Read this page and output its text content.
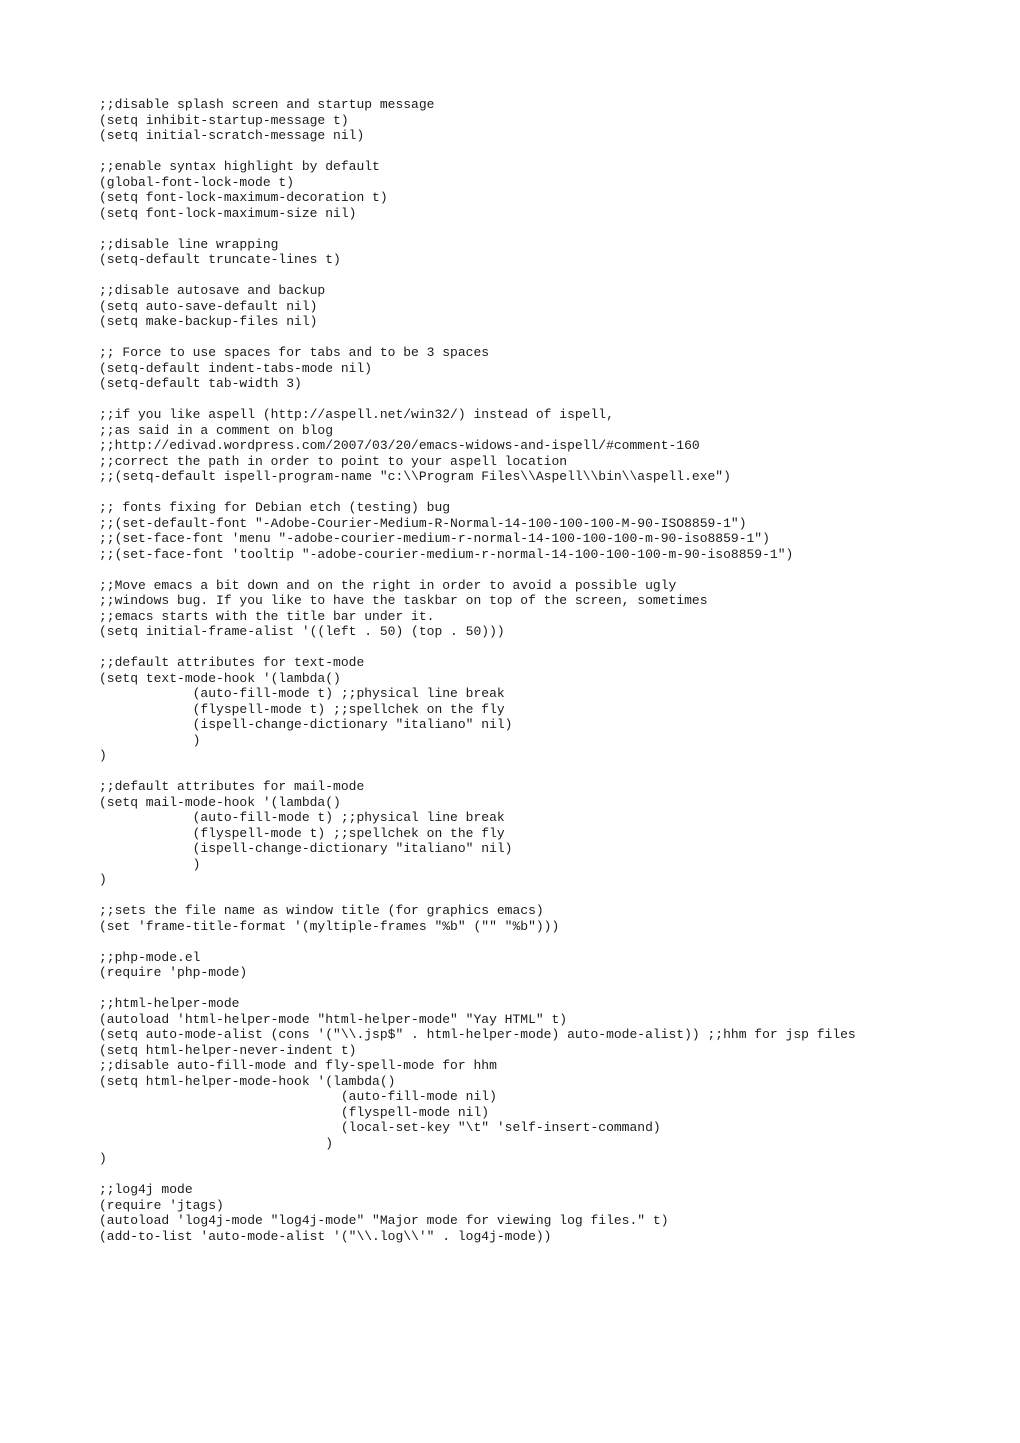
;;disable splash screen and startup message
(setq inhibit-startup-message t)
(setq initial-scratch-message nil)

;;enable syntax highlight by default
(global-font-lock-mode t)
(setq font-lock-maximum-decoration t)
(setq font-lock-maximum-size nil)

;;disable line wrapping
(setq-default truncate-lines t)

;;disable autosave and backup
(setq auto-save-default nil)
(setq make-backup-files nil)

;; Force to use spaces for tabs and to be 3 spaces
(setq-default indent-tabs-mode nil)
(setq-default tab-width 3)

;;if you like aspell (http://aspell.net/win32/) instead of ispell,
;;as said in a comment on blog
;;http://edivad.wordpress.com/2007/03/20/emacs-widows-and-ispell/#comment-160
;;correct the path in order to point to your aspell location
;;(setq-default ispell-program-name "c:\\Program Files\\Aspell\\bin\\aspell.exe")

;; fonts fixing for Debian etch (testing) bug
;;(set-default-font "-Adobe-Courier-Medium-R-Normal-14-100-100-100-M-90-ISO8859-1")
;;(set-face-font 'menu "-adobe-courier-medium-r-normal-14-100-100-100-m-90-iso8859-1")
;;(set-face-font 'tooltip "-adobe-courier-medium-r-normal-14-100-100-100-m-90-iso8859-1")

;;Move emacs a bit down and on the right in order to avoid a possible ugly
;;windows bug. If you like to have the taskbar on top of the screen, sometimes
;;emacs starts with the title bar under it.
(setq initial-frame-alist '((left . 50) (top . 50)))

;;default attributes for text-mode
(setq text-mode-hook '(lambda()
(auto-fill-mode t) ;;physical line break
(flyspell-mode t) ;;spellchek on the fly
(ispell-change-dictionary "italiano" nil)
)
)

;;default attributes for mail-mode
(setq mail-mode-hook '(lambda()
(auto-fill-mode t) ;;physical line break
(flyspell-mode t) ;;spellchek on the fly
(ispell-change-dictionary "italiano" nil)
)
)

;;sets the file name as window title (for graphics emacs)
(set 'frame-title-format '(myltiple-frames "%b" ("" "%b")))

;;php-mode.el
(require 'php-mode)

;;html-helper-mode
(autoload 'html-helper-mode "html-helper-mode" "Yay HTML" t)
(setq auto-mode-alist (cons '("\\.jsp$" . html-helper-mode) auto-mode-alist)) ;;hhm for jsp files
(setq html-helper-never-indent t)
;;disable auto-fill-mode and fly-spell-mode for hhm
(setq html-helper-mode-hook '(lambda()
(auto-fill-mode nil)
(flyspell-mode nil)
(local-set-key "\t" 'self-insert-command)
)
)

;;log4j mode
(require 'jtags)
(autoload 'log4j-mode "log4j-mode" "Major mode for viewing log files." t)
(add-to-list 'auto-mode-alist '("\\.log\\'" . log4j-mode))
